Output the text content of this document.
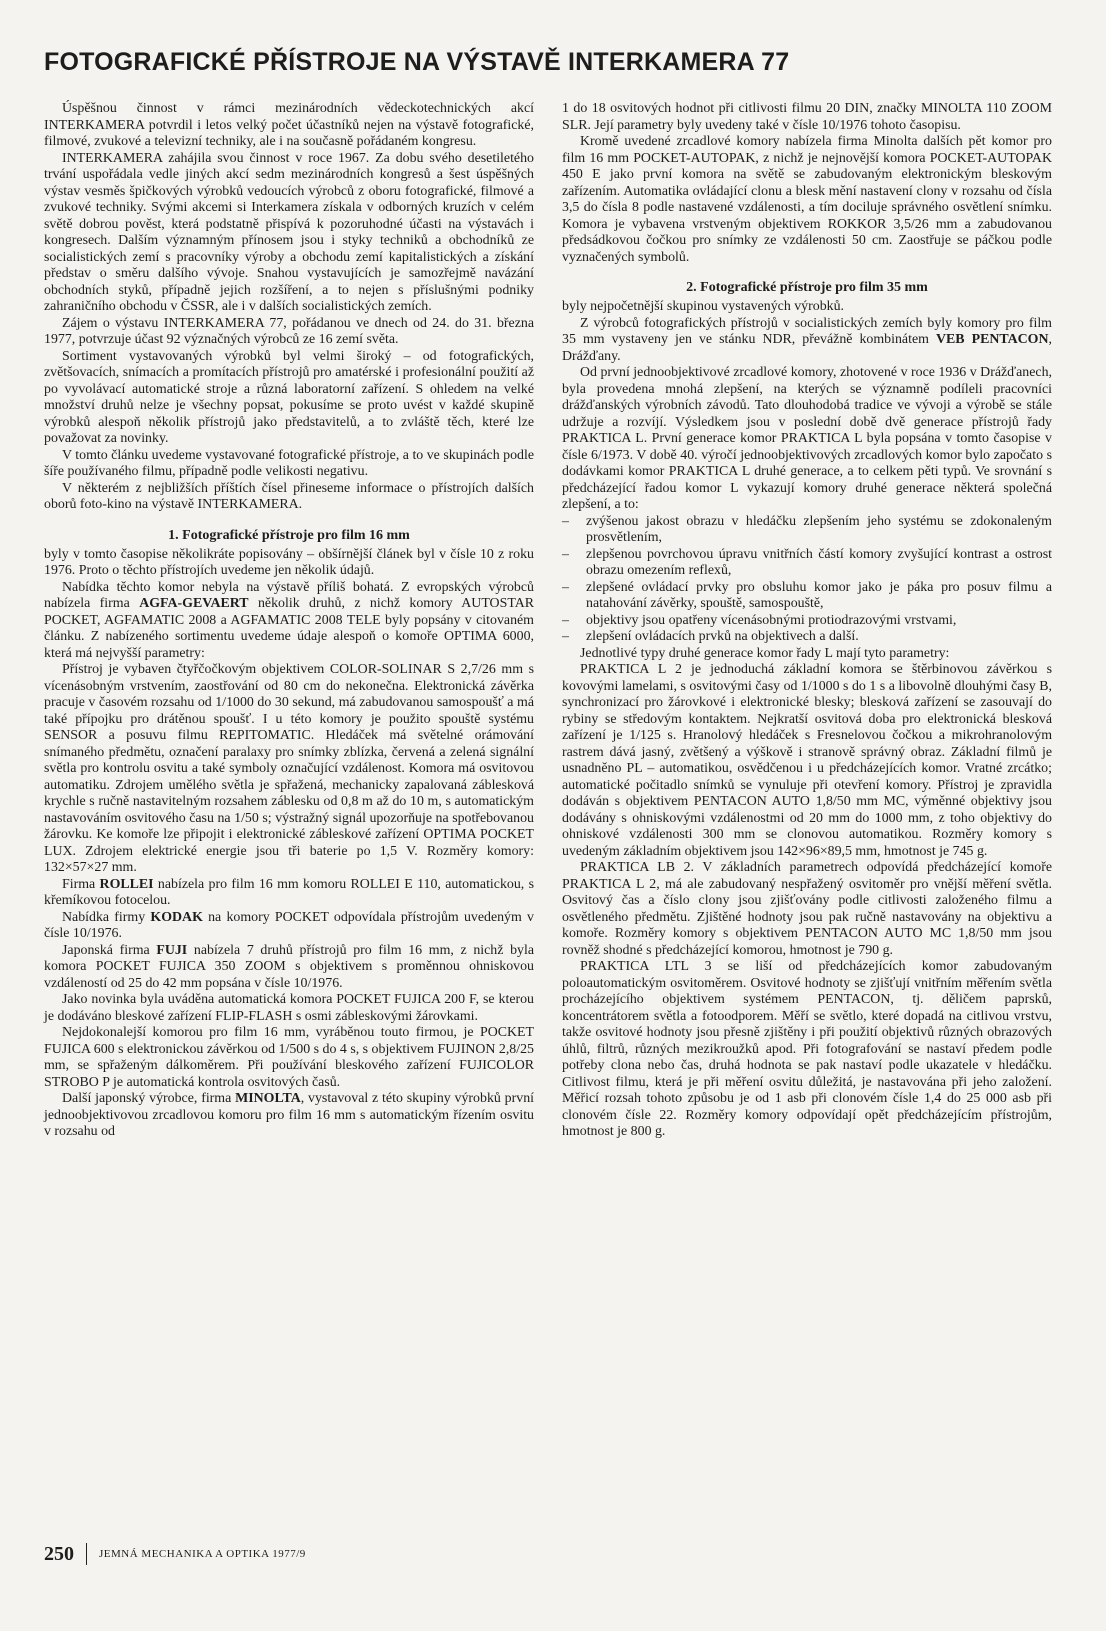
FOTOGRAFICKÉ PŘÍSTROJE NA VÝSTAVĚ INTERKAMERA 77

Úspěšnou činnost v rámci mezinárodních vědeckotechnických akcí INTERKAMERA potvrdil i letos velký počet účastníků nejen na výstavě fotografické, filmové, zvukové a televizní techniky, ale i na současně pořádaném kongresu.

INTERKAMERA zahájila svou činnost v roce 1967. Za dobu svého desetiletého trvání uspořádala vedle jiných akcí sedm mezinárodních kongresů a šest úspěšných výstav vesměs špičkových výrobků vedoucích výrobců z oboru fotografické, filmové a zvukové techniky. Svými akcemi si Interkamera získala v odborných kruzích v celém světě dobrou pověst, která podstatně přispívá k pozoruhodné účasti na výstavách i kongresech. Dalším významným přínosem jsou i styky techniků a obchodníků ze socialistických zemí s pracovníky výroby a obchodu zemí kapitalistických a získání představ o směru dalšího vývoje. Snahou vystavujících je samozřejmě navázání obchodních styků, případně jejich rozšíření, a to nejen s příslušnými podniky zahraničního obchodu v ČSSR, ale i v dalších socialistických zemích.

Zájem o výstavu INTERKAMERA 77, pořádanou ve dnech od 24. do 31. března 1977, potvrzuje účast 92 význačných výrobců ze 16 zemí světa.

Sortiment vystavovaných výrobků byl velmi široký – od fotografických, zvětšovacích, snímacích a promítacích přístrojů pro amatérské i profesionální použití až po vyvolávací automatické stroje a různá laboratorní zařízení. S ohledem na velké množství druhů nelze je všechny popsat, pokusíme se proto uvést v každé skupině výrobků alespoň několik přístrojů jako představitelů, a to zvláště těch, které lze považovat za novinky.

V tomto článku uvedeme vystavované fotografické přístroje, a to ve skupinách podle šíře používaného filmu, případně podle velikosti negativu.

V některém z nejbližších příštích čísel přineseme informace o přístrojích dalších oborů foto-kino na výstavě INTERKAMERA.

1. Fotografické přístroje pro film 16 mm

byly v tomto časopise několikráte popisovány – obšírnější článek byl v čísle 10 z roku 1976. Proto o těchto přístrojích uvedeme jen několik údajů.

Nabídka těchto komor nebyla na výstavě příliš bohatá. Z evropských výrobců nabízela firma AGFA-GEVAERT několik druhů, z nichž komory AUTOSTAR POCKET, AGFAMATIC 2008 a AGFAMATIC 2008 TELE byly popsány v citovaném článku. Z nabízeného sortimentu uvedeme údaje alespoň o komoře OPTIMA 6000, která má nejvyšší parametry:

Přístroj je vybaven čtyřčočkovým objektivem COLOR-SOLINAR S 2,7/26 mm s vícenásobným vrstvením, zaostřování od 80 cm do nekonečna. Elektronická závěrka pracuje v časovém rozsahu od 1/1000 do 30 sekund, má zabudovanou samospoušť a má také přípojku pro drátěnou spoušť. I u této komory je použito spouště systému SENSOR a posuvu filmu REPITOMATIC. Hledáček má světelné orámování snímaného předmětu, označení paralaxy pro snímky zblízka, červená a zelená signální světla pro kontrolu osvitu a také symboly označující vzdálenost. Komora má osvitovou automatiku. Zdrojem umělého světla je spřažená, mechanicky zapalovaná záblesková krychle s ručně nastavitelným rozsahem záblesku od 0,8 m až do 10 m, s automatickým nastavováním osvitového času na 1/50 s; výstražný signál upozorňuje na spotřebovanou žárovku. Ke komoře lze připojit i elektronické zábleskové zařízení OPTIMA POCKET LUX. Zdrojem elektrické energie jsou tři baterie po 1,5 V. Rozměry komory: 132×57×27 mm.

Firma ROLLEI nabízela pro film 16 mm komoru ROLLEI E 110, automatickou, s křemíkovou fotocelou.

Nabídka firmy KODAK na komory POCKET odpovídala přístrojům uvedeným v čísle 10/1976.

Japonská firma FUJI nabízela 7 druhů přístrojů pro film 16 mm, z nichž byla komora POCKET FUJICA 350 ZOOM s objektivem s proměnnou ohniskovou vzdáleností od 25 do 42 mm popsána v čísle 10/1976.

Jako novinka byla uváděna automatická komora POCKET FUJICA 200 F, se kterou je dodáváno bleskové zařízení FLIP-FLASH s osmi zábleskovými žárovkami.

Nejdokonalejší komorou pro film 16 mm, vyráběnou touto firmou, je POCKET FUJICA 600 s elektronickou závěrkou od 1/500 s do 4 s, s objektivem FUJINON 2,8/25 mm, se spřaženým dálkoměrem. Při používání bleskového zařízení FUJICOLOR STROBO P je automatická kontrola osvitových časů.

Další japonský výrobce, firma MINOLTA, vystavoval z této skupiny výrobků první jednoobjektivovou zrcadlovou komoru pro film 16 mm s automatickým řízením osvitu v rozsahu od

1 do 18 osvitových hodnot při citlivosti filmu 20 DIN, značky MINOLTA 110 ZOOM SLR. Její parametry byly uvedeny také v čísle 10/1976 tohoto časopisu.

Kromě uvedené zrcadlové komory nabízela firma Minolta dalších pět komor pro film 16 mm POCKET-AUTOPAK, z nichž je nejnovější komora POCKET-AUTOPAK 450 E jako první komora na světě se zabudovaným elektronickým bleskovým zařízením. Automatika ovládající clonu a blesk mění nastavení clony v rozsahu od čísla 3,5 do čísla 8 podle nastavené vzdálenosti, a tím dociluje správného osvětlení snímku. Komora je vybavena vrstveným objektivem ROKKOR 3,5/26 mm a zabudovanou předsádkovou čočkou pro snímky ze vzdálenosti 50 cm. Zaostřuje se páčkou podle vyznačených symbolů.

2. Fotografické přístroje pro film 35 mm

byly nejpočetnější skupinou vystavených výrobků.

Z výrobců fotografických přístrojů v socialistických zemích byly komory pro film 35 mm vystaveny jen ve stánku NDR, převážně kombinátem VEB PENTACON, Drážďany.

Od první jednoobjektivové zrcadlové komory, zhotovené v roce 1936 v Drážďanech, byla provedena mnohá zlepšení, na kterých se významně podíleli pracovníci drážďanských výrobních závodů. Tato dlouhodobá tradice ve vývoji a výrobě se stále udržuje a rozvíjí. Výsledkem jsou v poslední době dvě generace přístrojů řady PRAKTICA L. První generace komor PRAKTICA L byla popsána v tomto časopise v čísle 6/1973. V době 40. výročí jednoobjektivových zrcadlových komor bylo započato s dodávkami komor PRAKTICA L druhé generace, a to celkem pěti typů. Ve srovnání s předcházející řadou komor L vykazují komory druhé generace některá společná zlepšení, a to:

– zvýšenou jakost obrazu v hledáčku zlepšením jeho systému se zdokonaleným prosvětlením,
– zlepšenou povrchovou úpravu vnitřních částí komory zvyšující kontrast a ostrost obrazu omezením reflexů,
– zlepšené ovládací prvky pro obsluhu komor jako je páka pro posuv filmu a natahování závěrky, spouště, samospouště,
– objektivy jsou opatřeny vícenásobnými protiodrazovými vrstvami,
– zlepšení ovládacích prvků na objektivech a další.

Jednotlivé typy druhé generace komor řady L mají tyto parametry:

PRAKTICA L 2 je jednoduchá základní komora se štěrbinovou závěrkou s kovovými lamelami, s osvitovými časy od 1/1000 s do 1 s a libovolně dlouhými časy B, synchronizací pro žárovkové i elektronické blesky; blesková zařízení se zasouvají do rybiny se středovým kontaktem. Nejkratší osvitová doba pro elektronická blesková zařízení je 1/125 s. Hranolový hledáček s Fresnelovou čočkou a mikrohranolovým rastrem dává jasný, zvětšený a výškově i stranově správný obraz. Základní filmů je usnadněno PL – automatikou, osvědčenou i u předcházejících komor. Vratné zrcátko; automatické počitadlo snímků se vynuluje při otevření komory. Přístroj je zpravidla dodáván s objektivem PENTACON AUTO 1,8/50 mm MC, výměnné objektivy jsou dodávány s ohniskovými vzdálenostmi od 20 mm do 1000 mm, z toho objektivy do ohniskové vzdálenosti 300 mm se clonovou automatikou. Rozměry komory s uvedeným základním objektivem jsou 142×96×89,5 mm, hmotnost je 745 g.

PRAKTICA LB 2. V základních parametrech odpovídá předcházející komoře PRAKTICA L 2, má ale zabudovaný nespřažený osvitoměr pro vnější měření světla. Osvitový čas a číslo clony jsou zjišťovány podle citlivosti založeného filmu a osvětleného předmětu. Zjištěné hodnoty jsou pak ručně nastavovány na objektivu a komoře. Rozměry komory s objektivem PENTACON AUTO MC 1,8/50 mm jsou rovněž shodné s předcházející komorou, hmotnost je 790 g.

PRAKTICA LTL 3 se liší od předcházejících komor zabudovaným poloautomatickým osvitoměrem. Osvitové hodnoty se zjišťují vnitřním měřením světla procházejícího objektivem systémem PENTACON, tj. děličem paprsků, koncentrátorem světla a fotoodporem. Měří se světlo, které dopadá na citlivou vrstvu, takže osvitové hodnoty jsou přesně zjištěny i při použití objektivů různých obrazových úhlů, filtrů, různých mezikroužků apod. Při fotografování se nastaví předem podle potřeby clona nebo čas, druhá hodnota se pak nastaví podle ukazatele v hledáčku. Citlivost filmu, která je při měření osvitu důležitá, je nastavována při jeho založení. Měřicí rozsah tohoto způsobu je od 1 asb při clonovém čísle 1,4 do 25 000 asb při clonovém čísle 22. Rozměry komory odpovídají opět předcházejícím přístrojům, hmotnost je 800 g.

250 JEMNÁ MECHANIKA A OPTIKA 1977/9
